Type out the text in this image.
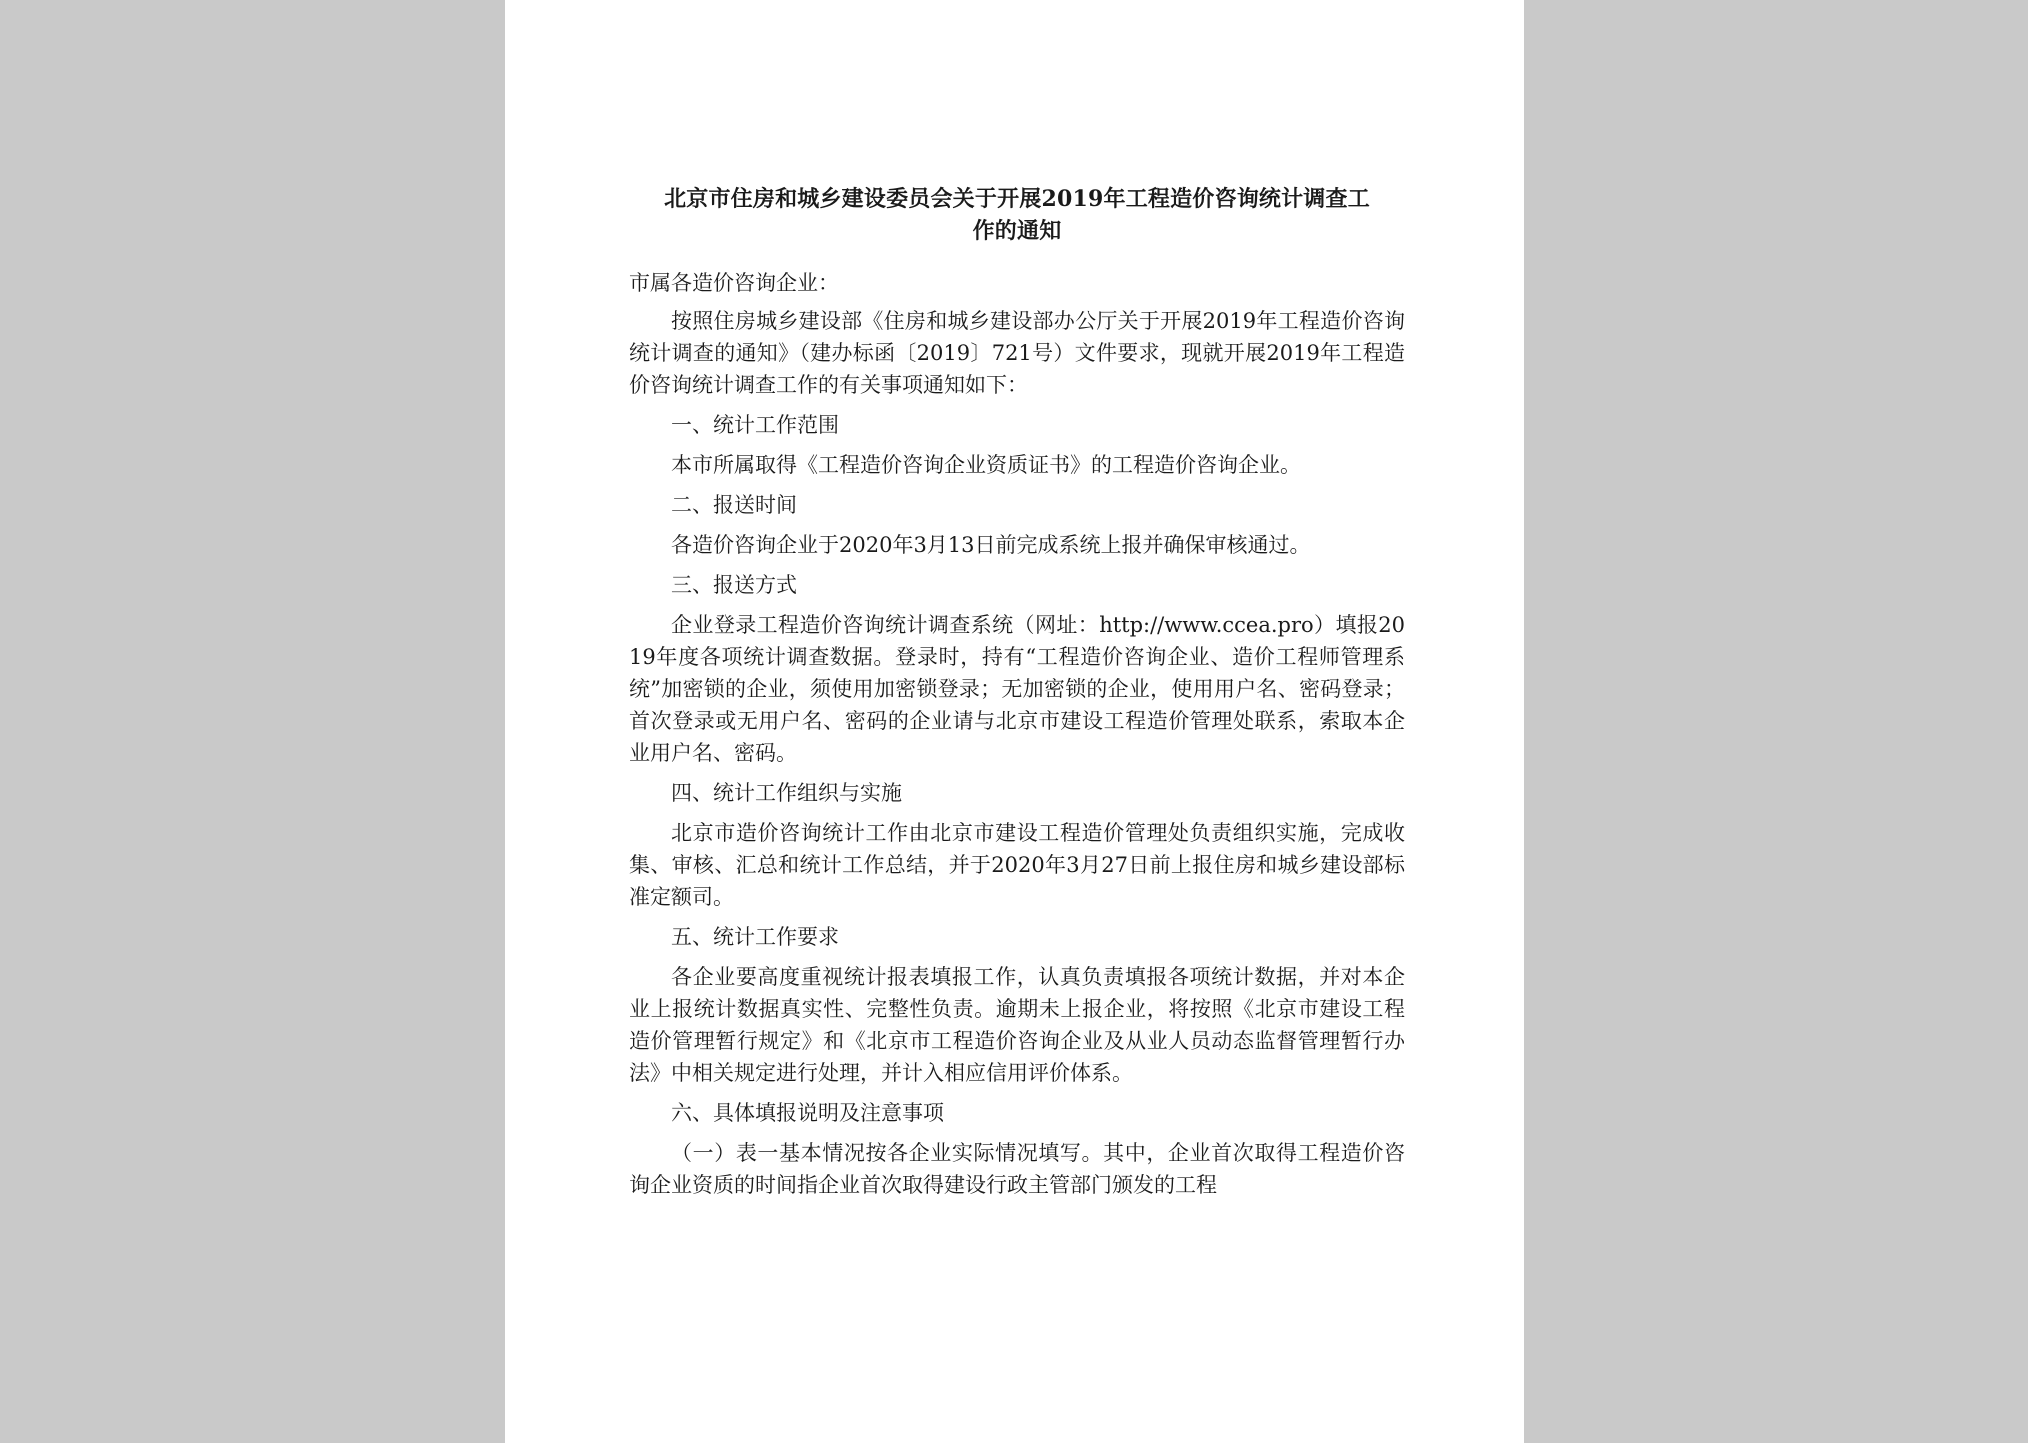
北京市住房和城乡建设委员会关于开展2019年工程造价咨询统计调查工
作的通知

市属各造价咨询企业：

按照住房城乡建设部《住房和城乡建设部办公厅关于开展2019年工程造价咨询统计调查的通知》（建办标函〔2019〕721号）文件要求，现就开展2019年工程造价咨询统计调查工作的有关事项通知如下：

一、统计工作范围

本市所属取得《工程造价咨询企业资质证书》的工程造价咨询企业。

二、报送时间

各造价咨询企业于2020年3月13日前完成系统上报并确保审核通过。

三、报送方式

企业登录工程造价咨询统计调查系统（网址：http://www.ccea.pro）填报2019年度各项统计调查数据。登录时，持有“工程造价咨询企业、造价工程师管理系统”加密锁的企业，须使用加密锁登录；无加密锁的企业，使用用户名、密码登录；首次登录或无用户名、密码的企业请与北京市建设工程造价管理处联系，索取本企业用户名、密码。

四、统计工作组织与实施

北京市造价咨询统计工作由北京市建设工程造价管理处负责组织实施，完成收集、审核、汇总和统计工作总结，并于2020年3月27日前上报住房和城乡建设部标准定额司。

五、统计工作要求

各企业要高度重视统计报表填报工作，认真负责填报各项统计数据，并对本企业上报统计数据真实性、完整性负责。逾期未上报企业，将按照《北京市建设工程造价管理暂行规定》和《北京市工程造价咨询企业及从业人员动态监督管理暂行办法》中相关规定进行处理，并计入相应信用评价体系。

六、具体填报说明及注意事项

（一）表一基本情况按各企业实际情况填写。其中，企业首次取得工程造价咨询企业资质的时间指企业首次取得建设行政主管部门颁发的工程
